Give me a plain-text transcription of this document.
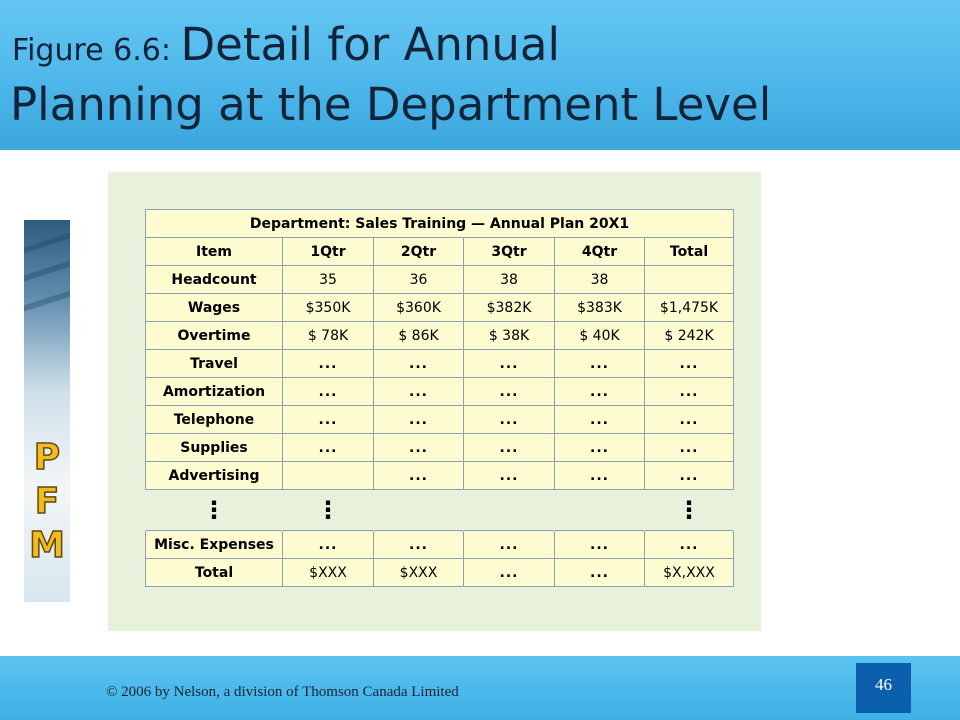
Figure 6.6: Detail for Annual
Planning at the Department Level
P
F
M
Department: Sales Training — Annual Plan 20X1					
Item	1Qtr	2Qtr	3Qtr	4Qtr	Total
Headcount	35	36	38	38	
Wages	$350K	$360K	$382K	$383K	$1,475K
Overtime	$ 78K	$ 86K	$ 38K	$ 40K	$ 242K
Travel	...	...	...	...	...
Amortization	...	...	...	...	...
Telephone	...	...	...	...	...
Supplies	...	...	...	...	...
Advertising		...	...	...	...
⋮	⋮				⋮
Misc. Expenses	...	...	...	...	...
Total	$XXX	$XXX	...	...	$X,XXX
© 2006 by Nelson, a division of Thomson Canada Limited	46
